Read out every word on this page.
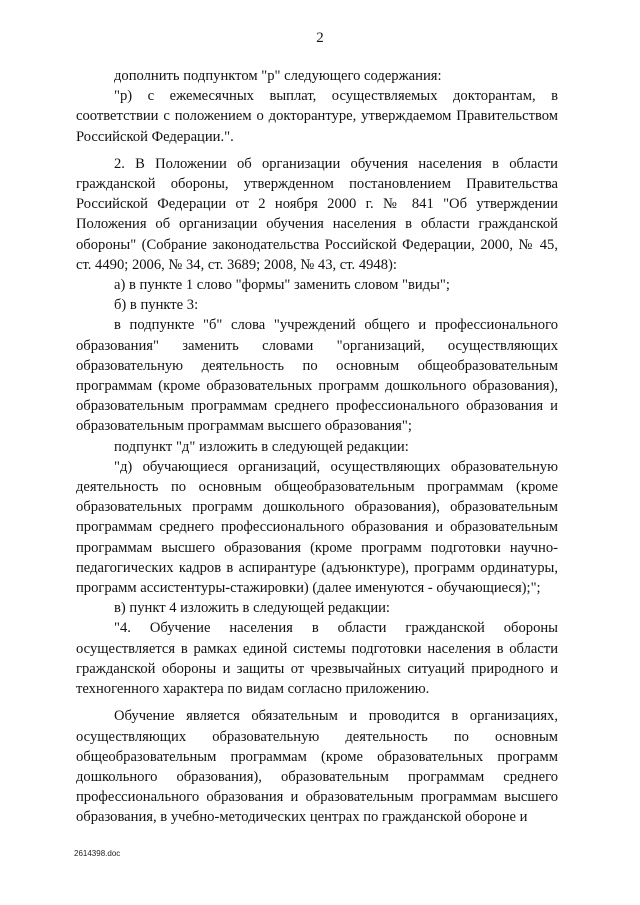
2

дополнить подпунктом "р" следующего содержания:

"р) с ежемесячных выплат, осуществляемых докторантам, в соответствии с положением о докторантуре, утверждаемом Правительством Российской Федерации.".

2. В Положении об организации обучения населения в области гражданской обороны, утвержденном постановлением Правительства Российской Федерации от 2 ноября 2000 г. № 841 "Об утверждении Положения об организации обучения населения в области гражданской обороны" (Собрание законодательства Российской Федерации, 2000, № 45, ст. 4490; 2006, № 34, ст. 3689; 2008, № 43, ст. 4948):

а) в пункте 1 слово "формы" заменить словом "виды";

б) в пункте 3:

в подпункте "б" слова "учреждений общего и профессионального образования" заменить словами "организаций, осуществляющих образовательную деятельность по основным общеобразовательным программам (кроме образовательных программ дошкольного образования), образовательным программам среднего профессионального образования и образовательным программам высшего образования";

подпункт "д" изложить в следующей редакции:

"д) обучающиеся организаций, осуществляющих образовательную деятельность по основным общеобразовательным программам (кроме образовательных программ дошкольного образования), образовательным программам среднего профессионального образования и образовательным программам высшего образования (кроме программ подготовки научно-педагогических кадров в аспирантуре (адъюнктуре), программ ординатуры, программ ассистентуры-стажировки) (далее именуются - обучающиеся);";

в) пункт 4 изложить в следующей редакции:

"4. Обучение населения в области гражданской обороны осуществляется в рамках единой системы подготовки населения в области гражданской обороны и защиты от чрезвычайных ситуаций природного и техногенного характера по видам согласно приложению.

Обучение является обязательным и проводится в организациях, осуществляющих образовательную деятельность по основным общеобразовательным программам (кроме образовательных программ дошкольного образования), образовательным программам среднего профессионального образования и образовательным программам высшего образования, в учебно-методических центрах по гражданской обороне и

2614398.doc
